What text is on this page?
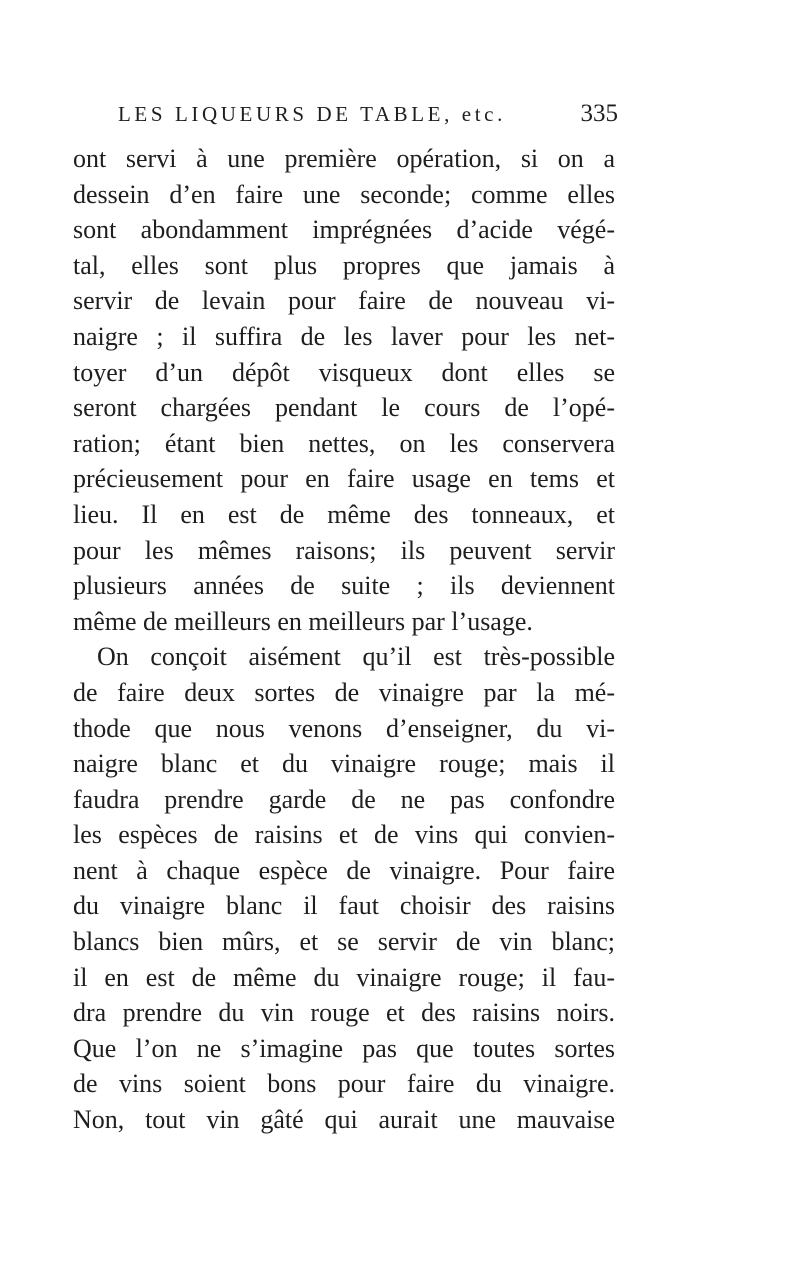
LES LIQUEURS DE TABLE, etc.	335
ont servi à une première opération, si on a
dessein d’en faire une seconde; comme elles
sont abondamment imprégnées d’acide végé-
tal, elles sont plus propres que jamais à
servir de levain pour faire de nouveau vi-
naigre ; il suffira de les laver pour les net-
toyer d’un dépôt visqueux dont elles se
seront chargées pendant le cours de l’opé-
ration; étant bien nettes, on les conservera
précieusement pour en faire usage en tems et
lieu. Il en est de même des tonneaux, et
pour les mêmes raisons; ils peuvent servir
plusieurs années de suite ; ils deviennent
même de meilleurs en meilleurs par l’usage.
On conçoit aisément qu’il est très-possible
de faire deux sortes de vinaigre par la mé-
thode que nous venons d’enseigner, du vi-
naigre blanc et du vinaigre rouge; mais il
faudra prendre garde de ne pas confondre
les espèces de raisins et de vins qui convien-
nent à chaque espèce de vinaigre. Pour faire
du vinaigre blanc il faut choisir des raisins
blancs bien mûrs, et se servir de vin blanc;
il en est de même du vinaigre rouge; il fau-
dra prendre du vin rouge et des raisins noirs.
Que l’on ne s’imagine pas que toutes sortes
de vins soient bons pour faire du vinaigre.
Non, tout vin gâté qui aurait une mauvaise
